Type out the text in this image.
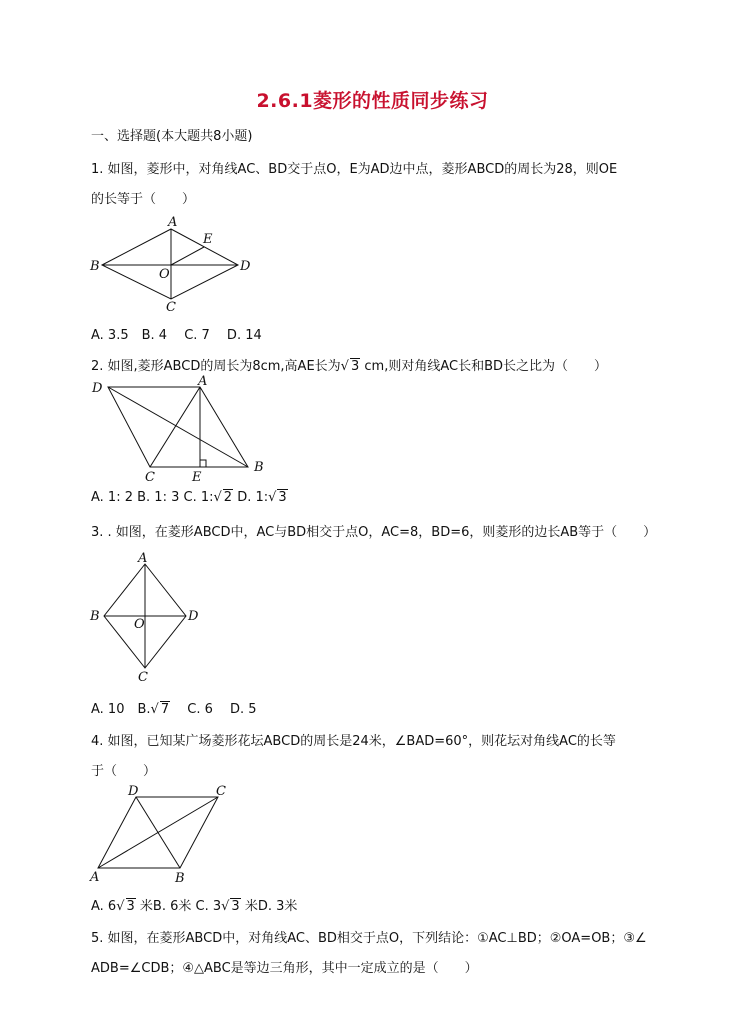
2.6.1菱形的性质同步练习
一、选择题(本大题共8小题)
1. 如图，菱形中，对角线AC、BD交于点O，E为AD边中点，菱形ABCD的周长为28，则OE
的长等于（　　）
A
B
C
D
E
O
A. 3.5　B. 4　 C. 7　 D. 14
2. 如图,菱形ABCD的周长为8cm,高AE长为√ 3 cm,则对角线AC长和BD长之比为（　　）
A
D
C	E
B
A. 1: 2 B. 1: 3 C. 1:√ 2 D. 1:√ 3
3. . 如图，在菱形ABCD中，AC与BD相交于点O，AC=8，BD=6，则菱形的边长AB等于（　　）
A
B	D
O
C
A. 10　B.√ 7　 C. 6　 D. 5
4. 如图，已知某广场菱形花坛ABCD的周长是24米，∠BAD=60°，则花坛对角线AC的长等
于（　　）
D	C
A	B
A. 6√ 3 米B. 6米 C. 3√ 3 米D. 3米
5. 如图，在菱形ABCD中，对角线AC、BD相交于点O，下列结论：①AC⊥BD；②OA=OB；③∠
ADB=∠CDB；④△ABC是等边三角形，其中一定成立的是（　　）
